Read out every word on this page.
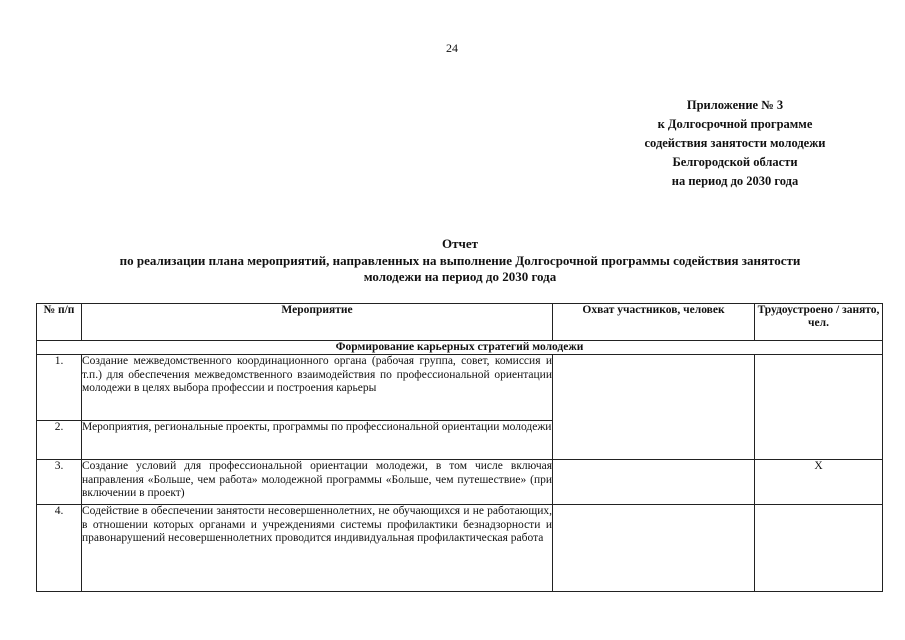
24
Приложение № 3
к Долгосрочной программе
содействия занятости молодежи
Белгородской области
на период до 2030 года
Отчет
по реализации плана мероприятий, направленных на выполнение Долгосрочной программы содействия занятости
молодежи на период до 2030 года
№ п/п	Мероприятие	Охват участников, человек	Трудоустроено / занято, чел.
Формирование карьерных стратегий молодежи			
1.	Создание межведомственного координационного органа (рабочая группа, совет, комиссия и т.п.) для обеспечения межведомственного взаимодействия по профессиональной ориентации молодежи в целях выбора профессии и построения карьеры		
2.	Мероприятия, региональные проекты, программы по профессиональной ориентации молодежи		
3.	Создание условий для профессиональной ориентации молодежи, в том числе включая направления «Больше, чем работа» молодежной программы «Больше, чем путешествие» (при включении в проект)		X
4.	Содействие в обеспечении занятости несовершеннолетних, не обучающихся и не работающих, в отношении которых органами и учреждениями системы профилактики безнадзорности и правонарушений несовершеннолетних проводится индивидуальная профилактическая работа		
